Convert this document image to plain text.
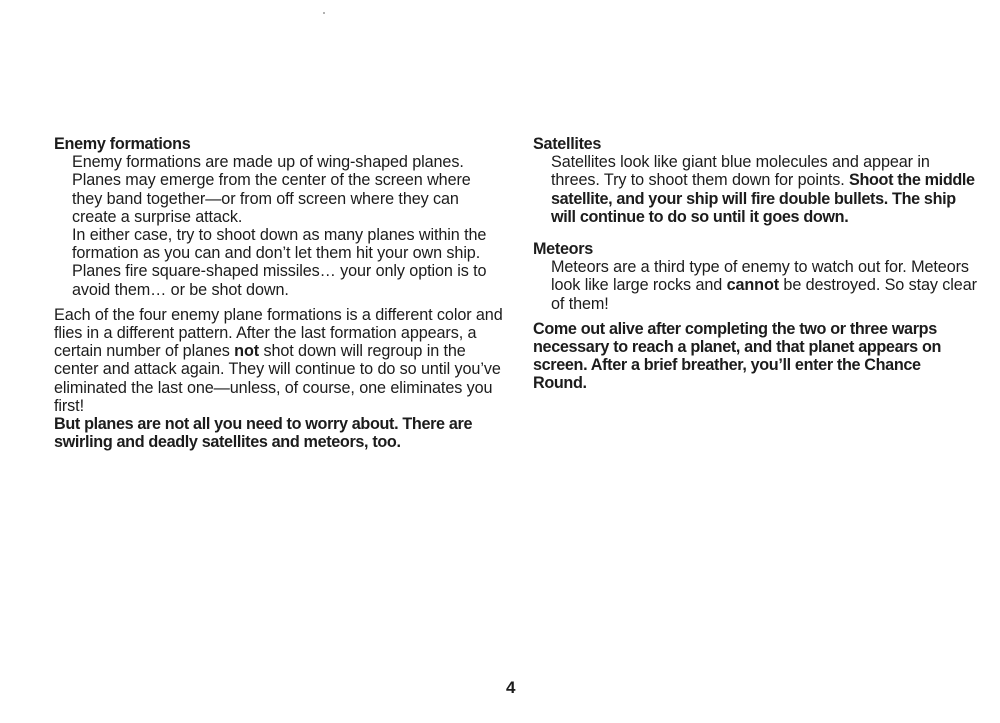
Enemy formations

Enemy formations are made up of wing-shaped planes. Planes may emerge from the center of the screen where they band together—or from off screen where they can create a surprise attack.

In either case, try to shoot down as many planes within the formation as you can and don’t let them hit your own ship. Planes fire square-shaped missiles… your only option is to avoid them… or be shot down.

Each of the four enemy plane formations is a different color and flies in a different pattern. After the last formation appears, a certain number of planes not shot down will regroup in the center and attack again. They will continue to do so until you’ve eliminated the last one—unless, of course, one eliminates you first!

But planes are not all you need to worry about. There are swirling and deadly satellites and meteors, too.

Satellites

Satellites look like giant blue molecules and appear in threes. Try to shoot them down for points. Shoot the middle satellite, and your ship will fire double bullets. The ship will continue to do so until it goes down.

Meteors

Meteors are a third type of enemy to watch out for. Meteors look like large rocks and cannot be destroyed. So stay clear of them!

Come out alive after completing the two or three warps necessary to reach a planet, and that planet appears on screen. After a brief breather, you’ll enter the Chance Round.

4
